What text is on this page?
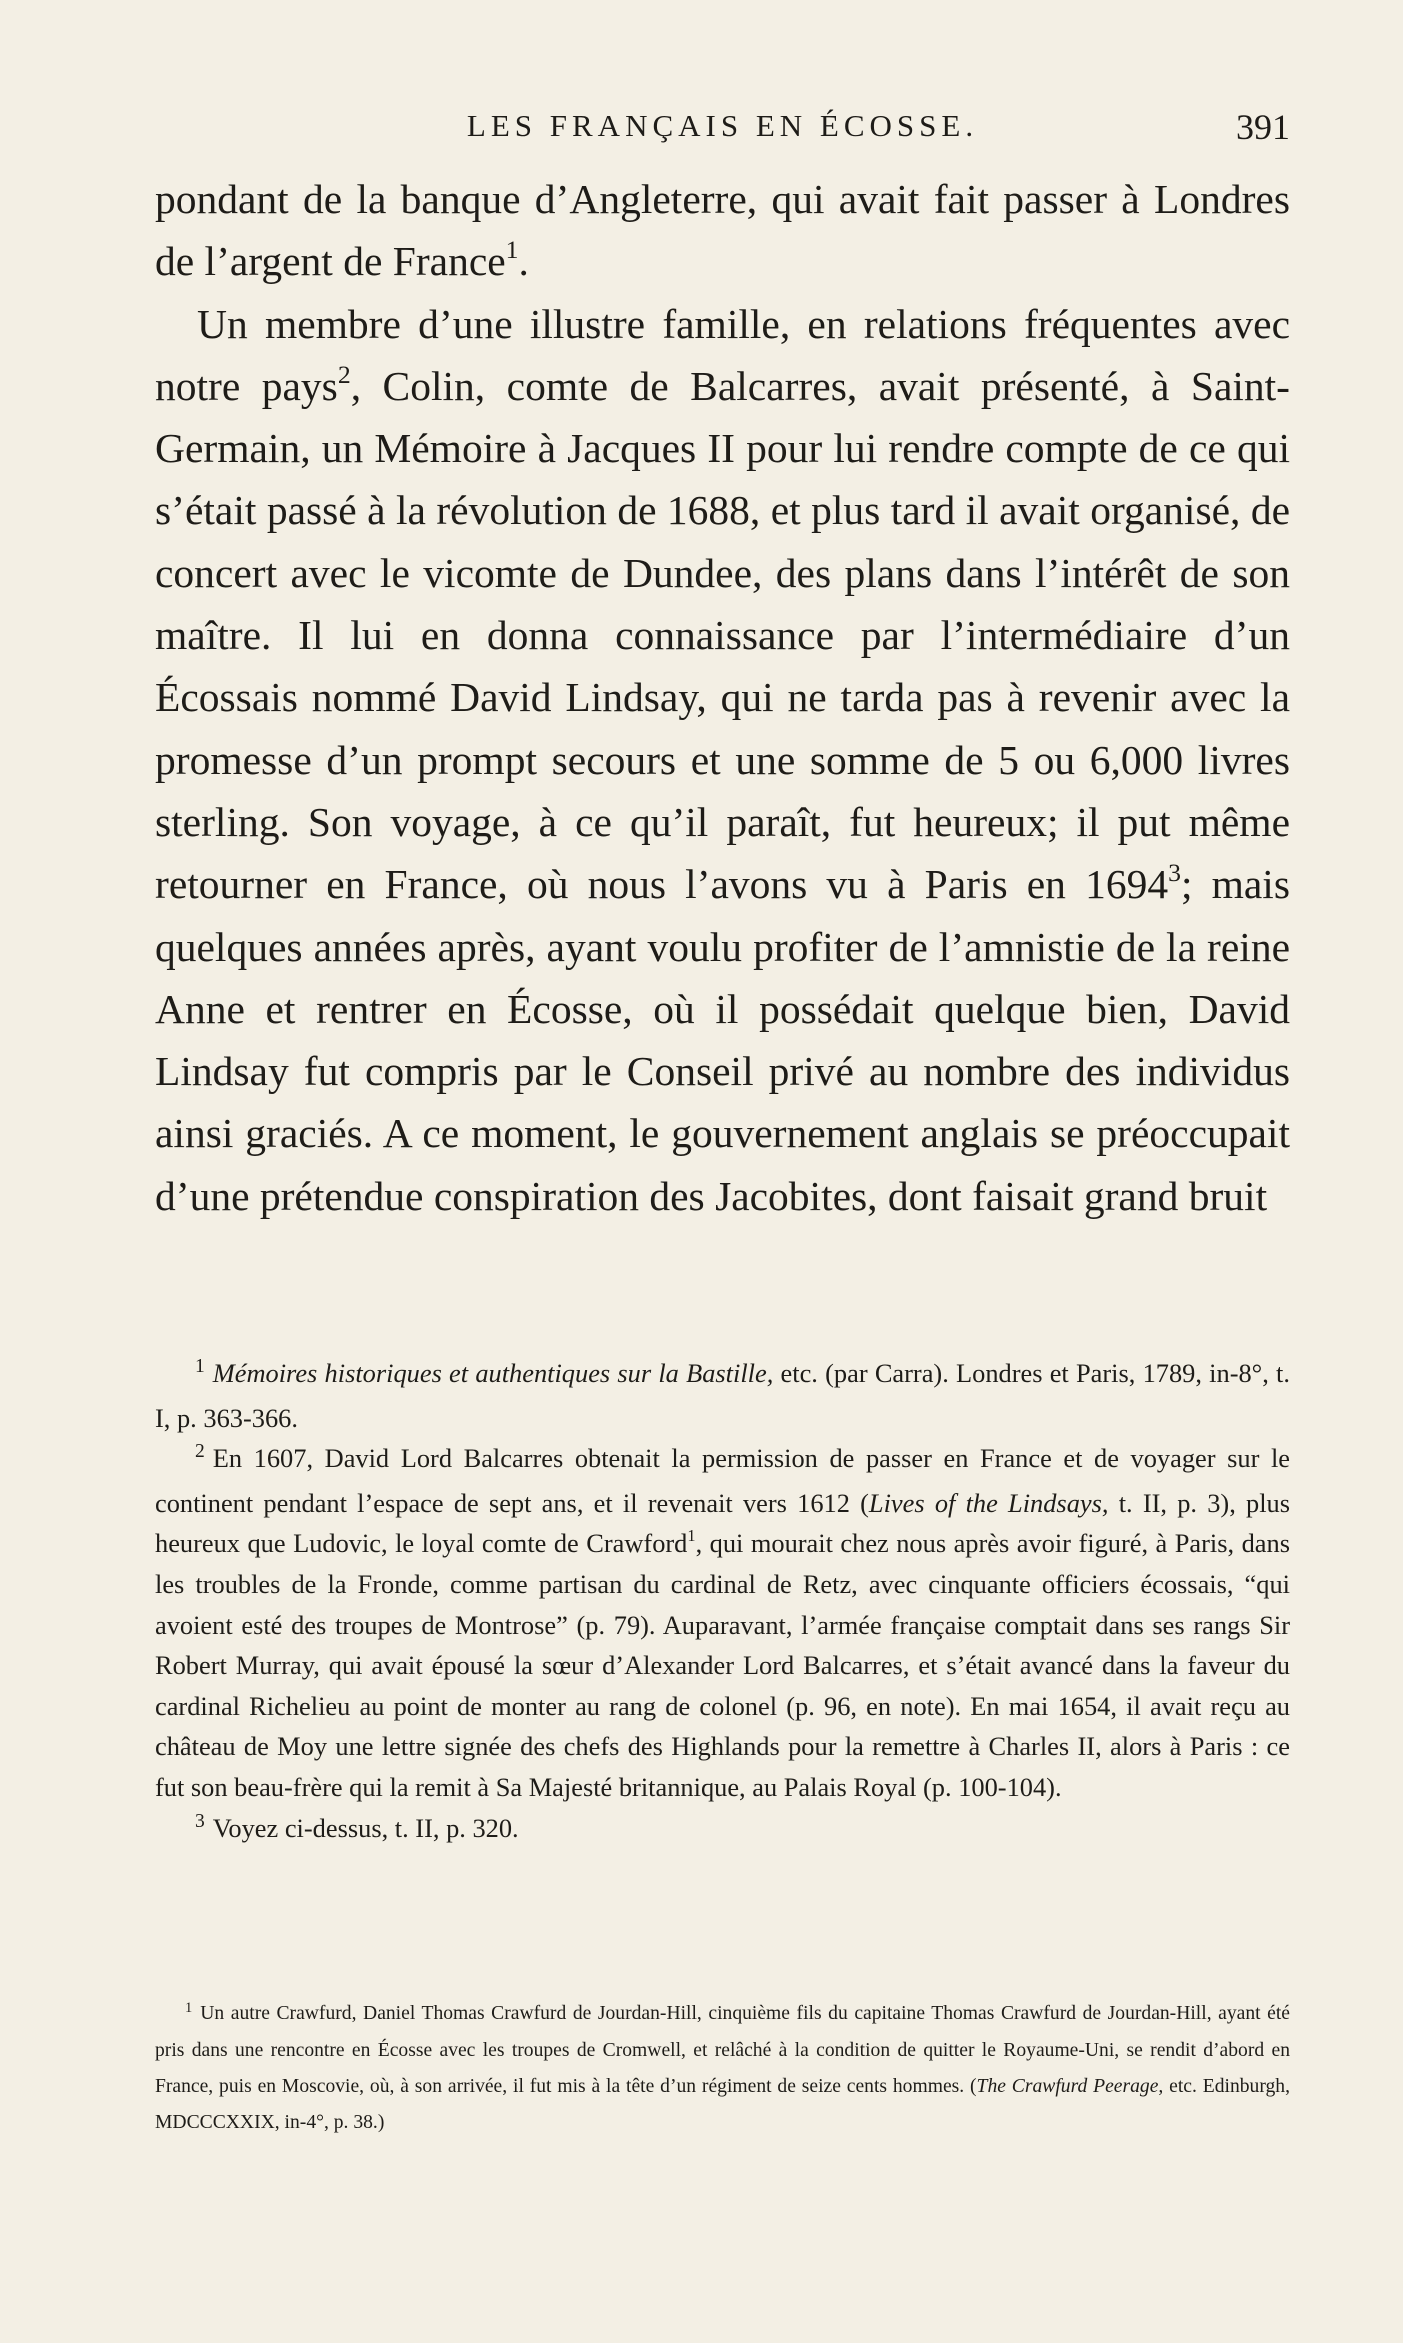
LES FRANÇAIS EN ÉCOSSE.	391

pondant de la banque d’Angleterre, qui avait fait passer à Londres de l’argent de France$^1$.

Un membre d’une illustre famille, en relations fréquentes avec notre pays$^2$, Colin, comte de Balcarres, avait présenté, à Saint-Germain, un Mémoire à Jacques II pour lui rendre compte de ce qui s’était passé à la révolution de 1688, et plus tard il avait organisé, de concert avec le vicomte de Dundee, des plans dans l’intérêt de son maître. Il lui en donna connaissance par l’intermédiaire d’un Écossais nommé David Lindsay, qui ne tarda pas à revenir avec la promesse d’un prompt secours et une somme de 5 ou 6,000 livres sterling. Son voyage, à ce qu’il paraît, fut heureux; il put même retourner en France, où nous l’avons vu à Paris en 1694$^3$; mais quelques années après, ayant voulu profiter de l’amnistie de la reine Anne et rentrer en Écosse, où il possédait quelque bien, David Lindsay fut compris par le Conseil privé au nombre des individus ainsi graciés. A ce moment, le gouvernement anglais se préoccupait d’une prétendue conspiration des Jacobites, dont faisait grand bruit

$^1$ Mémoires historiques et authentiques sur la Bastille, etc. (par Carra). Londres et Paris, 1789, in-8°, t. I, p. 363-366.

$^2$ En 1607, David Lord Balcarres obtenait la permission de passer en France et de voyager sur le continent pendant l’espace de sept ans, et il revenait vers 1612 (Lives of the Lindsays, t. II, p. 3), plus heureux que Ludovic, le loyal comte de Crawford$^1$, qui mourait chez nous après avoir figuré, à Paris, dans les troubles de la Fronde, comme partisan du cardinal de Retz, avec cinquante officiers écossais, “qui avoient esté des troupes de Montrose” (p. 79). Auparavant, l’armée française comptait dans ses rangs Sir Robert Murray, qui avait épousé la sœur d’Alexander Lord Balcarres, et s’était avancé dans la faveur du cardinal Richelieu au point de monter au rang de colonel (p. 96, en note). En mai 1654, il avait reçu au château de Moy une lettre signée des chefs des Highlands pour la remettre à Charles II, alors à Paris : ce fut son beau-frère qui la remit à Sa Majesté britannique, au Palais Royal (p. 100-104).

$^3$ Voyez ci-dessus, t. II, p. 320.

$^1$ Un autre Crawfurd, Daniel Thomas Crawfurd de Jourdan-Hill, cinquième fils du capitaine Thomas Crawfurd de Jourdan-Hill, ayant été pris dans une rencontre en Écosse avec les troupes de Cromwell, et relâché à la condition de quitter le Royaume-Uni, se rendit d’abord en France, puis en Moscovie, où, à son arrivée, il fut mis à la tête d’un régiment de seize cents hommes. (The Crawfurd Peerage, etc. Edinburgh, MDCCCXXIX, in-4°, p. 38.)
